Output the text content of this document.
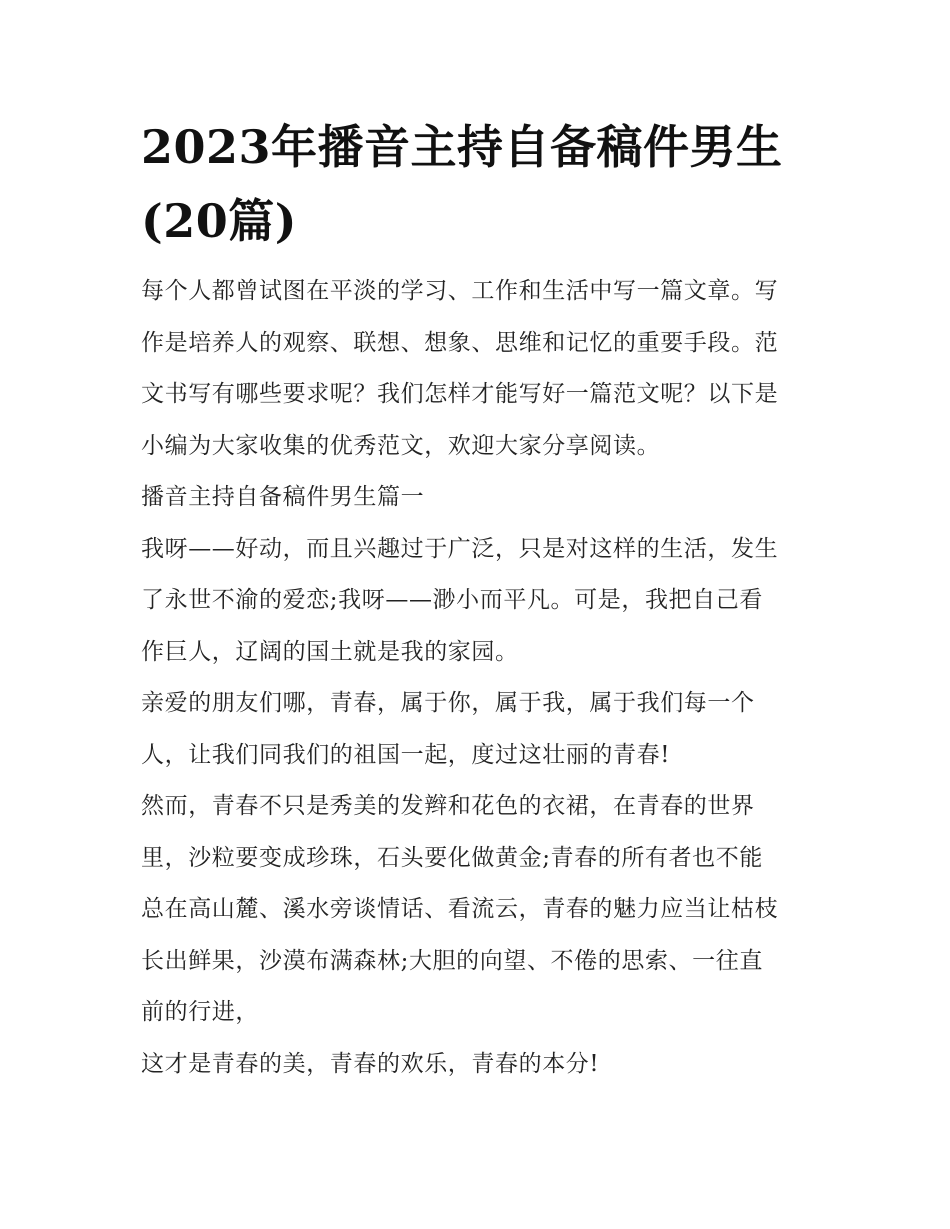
2023年播音主持自备稿件男生
(20篇)

每个人都曾试图在平淡的学习、工作和生活中写一篇文章。写
作是培养人的观察、联想、想象、思维和记忆的重要手段。范
文书写有哪些要求呢？我们怎样才能写好一篇范文呢？以下是
小编为大家收集的优秀范文，欢迎大家分享阅读。

播音主持自备稿件男生篇一

我呀——好动，而且兴趣过于广泛，只是对这样的生活，发生
了永世不渝的爱恋;我呀——渺小而平凡。可是，我把自己看
作巨人，辽阔的国土就是我的家园。

亲爱的朋友们哪，青春，属于你，属于我，属于我们每一个
人，让我们同我们的祖国一起，度过这壮丽的青春!

然而，青春不只是秀美的发辫和花色的衣裙，在青春的世界
里，沙粒要变成珍珠，石头要化做黄金;青春的所有者也不能
总在高山麓、溪水旁谈情话、看流云，青春的魅力应当让枯枝
长出鲜果，沙漠布满森林;大胆的向望、不倦的思索、一往直
前的行进，

这才是青春的美，青春的欢乐，青春的本分!
